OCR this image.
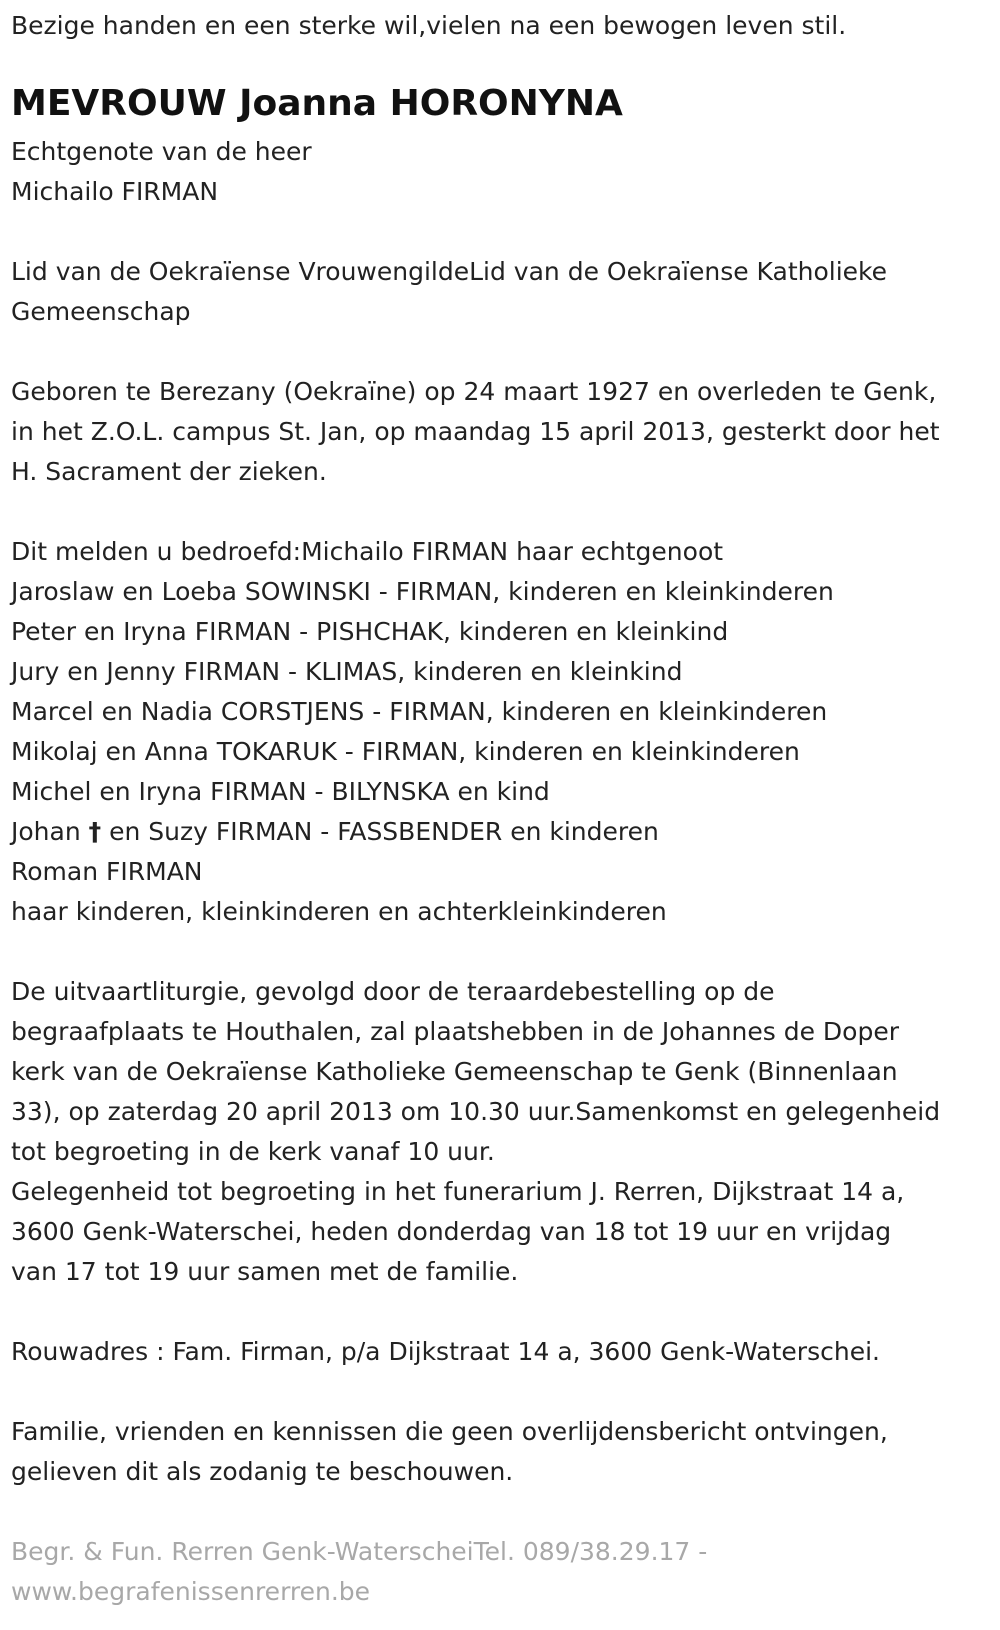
Bezige handen en een sterke wil,vielen na een bewogen leven stil.

MEVROUW Joanna HORONYNA

Echtgenote van de heer

Michailo FIRMAN

Lid van de Oekraïense VrouwengildeLid van de Oekraïense Katholieke

Gemeenschap

Geboren te Berezany (Oekraïne) op 24 maart 1927 en overleden te Genk,

in het Z.O.L. campus St. Jan, op maandag 15 april 2013, gesterkt door het

H. Sacrament der zieken.

Dit melden u bedroefd:Michailo FIRMAN haar echtgenoot

Jaroslaw en Loeba SOWINSKI - FIRMAN, kinderen en kleinkinderen

Peter en Iryna FIRMAN - PISHCHAK, kinderen en kleinkind

Jury en Jenny FIRMAN - KLIMAS, kinderen en kleinkind

Marcel en Nadia CORSTJENS - FIRMAN, kinderen en kleinkinderen

Mikolaj en Anna TOKARUK - FIRMAN, kinderen en kleinkinderen

Michel en Iryna FIRMAN - BILYNSKA en kind

Johan † en Suzy FIRMAN - FASSBENDER en kinderen

Roman FIRMAN

haar kinderen, kleinkinderen en achterkleinkinderen

De uitvaartliturgie, gevolgd door de teraardebestelling op de

begraafplaats te Houthalen, zal plaatshebben in de Johannes de Doper

kerk van de Oekraïense Katholieke Gemeenschap te Genk (Binnenlaan

33), op zaterdag 20 april 2013 om 10.30 uur.Samenkomst en gelegenheid

tot begroeting in de kerk vanaf 10 uur.

Gelegenheid tot begroeting in het funerarium J. Rerren, Dijkstraat 14 a,

3600 Genk-Waterschei, heden donderdag van 18 tot 19 uur en vrijdag

van 17 tot 19 uur samen met de familie.

Rouwadres : Fam. Firman, p/a Dijkstraat 14 a, 3600 Genk-Waterschei.

Familie, vrienden en kennissen die geen overlijdensbericht ontvingen,

gelieven dit als zodanig te beschouwen.

Begr. & Fun. Rerren Genk-WaterscheiTel. 089/38.29.17 -

www.begrafenissenrerren.be
